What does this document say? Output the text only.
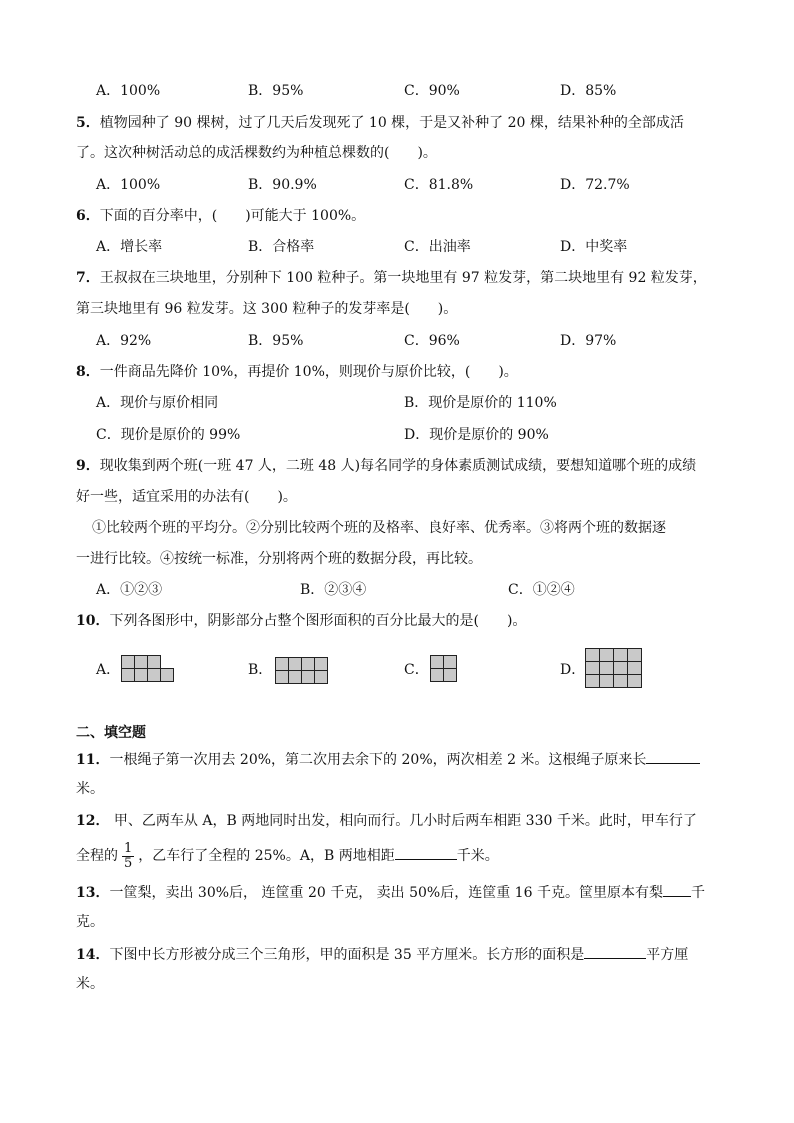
A．100%	B．95%	C．90%	D．85%
5．植物园种了 90 棵树，过了几天后发现死了 10 棵，于是又补种了 20 棵，结果补种的全部成活
了。这次种树活动总的成活棵数约为种植总棵数的(　　)。
A．100%	B．90.9%	C．81.8%	D．72.7%
6．下面的百分率中，(　　)可能大于 100%。
A．增长率	B．合格率	C．出油率	D．中奖率
7．王叔叔在三块地里，分别种下 100 粒种子。第一块地里有 97 粒发芽，第二块地里有 92 粒发芽，
第三块地里有 96 粒发芽。这 300 粒种子的发芽率是(　　)。
A．92%	B．95%	C．96%	D．97%
8．一件商品先降价 10%，再提价 10%，则现价与原价比较，(　　)。
A．现价与原价相同	B．现价是原价的 110%
C．现价是原价的 99%	D．现价是原价的 90%
9．现收集到两个班(一班 47 人，二班 48 人)每名同学的身体素质测试成绩，要想知道哪个班的成绩
好一些，适宜采用的办法有(　　)。
①比较两个班的平均分。②分别比较两个班的及格率、良好率、优秀率。③将两个班的数据逐
一进行比较。④按统一标准，分别将两个班的数据分段，再比较。
A．①②③	B．②③④	C．①②④
10．下列各图形中，阴影部分占整个图形面积的百分比最大的是(　　)。
A．	B．	C．	D．
二、填空题
11．一根绳子第一次用去 20%，第二次用去余下的 20%，两次相差 2 米。这根绳子原来长
米。
12． 甲、乙两车从 A，B 两地同时出发，相向而行。几小时后两车相距 330 千米。此时，甲车行了
全程的 $\frac{1}{5}$ ，乙车行了全程的 25%。A，B 两地相距	千米。
13．一筐梨，卖出 30%后， 连筐重 20 千克， 卖出 50%后，连筐重 16 千克。筐里原本有梨 千
克。
14．下图中长方形被分成三个三角形，甲的面积是 35 平方厘米。长方形的面积是	平方厘
米。
